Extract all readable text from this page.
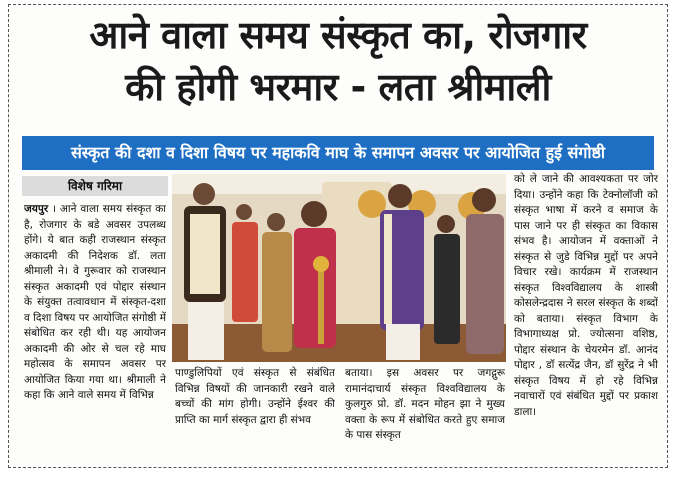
आने वाला समय संस्कृत का, रोजगार
की होगी भरमार - लता श्रीमाली
संस्कृत की दशा व दिशा विषय पर महाकवि माघ के समापन अवसर पर आयोजित हुई संगोष्ठी
विशेष गरिमा
जयपुर । आने वाला समय संस्कृत का है, रोजगार के बडे अवसर उपलब्ध होंगे। ये बात कही राजस्थान संस्कृत अकादमी की निदेशक डॉ. लता श्रीमाली ने। वे गुरूवार को राजस्थान संस्कृत अकादमी एवं पोद्दार संस्थान के संयुक्त तत्वावधान में संस्कृत-दशा व दिशा विषय पर आयोजित संगोष्ठी में संबोधित कर रही थी। यह आयोजन अकादमी की ओर से चल रहे माघ महोत्सव के समापन अवसर पर आयोजित किया गया था। श्रीमाली ने कहा कि आने वाले समय में विभिन्न
पाण्डुलिपियों एवं संस्कृत से संबंधित विभिन्न विषयों की जानकारी रखने वाले बच्चों की मांग होगी। उन्होंने ईश्वर की प्राप्ति का मार्ग संस्कृत द्वारा ही संभव
बताया। इस अवसर पर जगद्गुरू रामानंदाचार्य संस्कृत विश्वविद्यालय के कुलगुरु प्रो. डॉ. मदन मोहन झा ने मुख्य वक्ता के रूप में संबोधित करते हुए समाज के पास संस्कृत
को ले जाने की आवश्यकता पर जोर दिया। उन्होंने कहा कि टेक्नोलॉजी को संस्कृत भाषा में करने व समाज के पास जाने पर ही संस्कृत का विकास संभव है। आयोजन में वक्ताओं ने संस्कृत से जुडे विभिन्न मुद्दों पर अपने विचार रखे। कार्यक्रम में राजस्थान संस्कृत विश्वविद्यालय के शास्त्री कोसलेन्द्रदास ने सरल संस्कृत के शब्दों को बताया। संस्कृत विभाग के विभागाध्यक्ष प्रो. ज्योत्सना वशिष्ठ, पोद्दार संस्थान के चेयरमेन डॉ. आनंद पोद्दार , डॉ सत्येंद्र जैन, डॉ सुरेंद्र ने भी संस्कृत विषय में हो रहे विभिन्न नवाचारों एवं संबंधित मुद्दों पर प्रकाश डाला।
